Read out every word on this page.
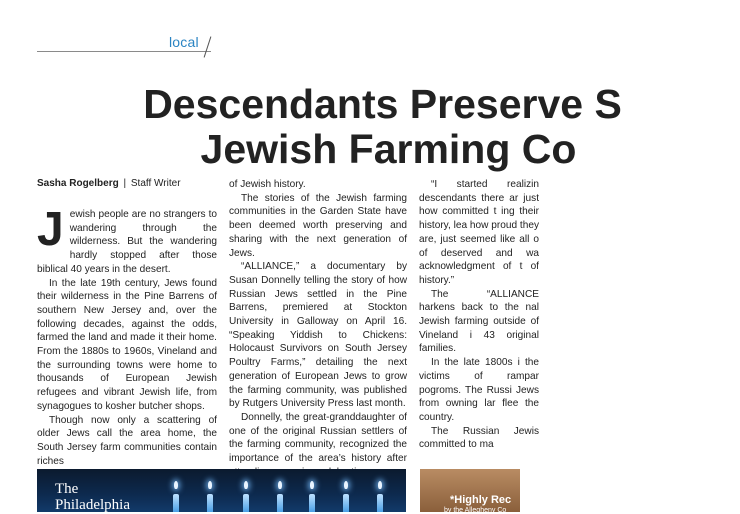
local
Descendants Preserve S
Jewish Farming Co
Sasha Rogelberg | Staff Writer

Jewish people are no strangers to wandering through the wilderness. But the wandering hardly stopped after those biblical 40 years in the desert.

In the late 19th century, Jews found their wilderness in the Pine Barrens of southern New Jersey and, over the following decades, against the odds, farmed the land and made it their home. From the 1880s to 1960s, Vineland and the surrounding towns were home to thousands of European Jewish refugees and vibrant Jewish life, from synagogues to kosher butcher shops.

Though now only a scattering of older Jews call the area home, the South Jersey farm communities contain riches

of Jewish history.

The stories of the Jewish farming communities in the Garden State have been deemed worth preserving and sharing with the next generation of Jews.

“ALLIANCE,” a documentary by Susan Donnelly telling the story of how Russian Jews settled in the Pine Barrens, premiered at Stockton University in Galloway on April 16. “Speaking Yiddish to Chickens: Holocaust Survivors on South Jersey Poultry Farms,” detailing the next generation of European Jews to grow the farming community, was published by Rutgers University Press last month.

Donnelly, the great-granddaughter of one of the original Russian settlers of the farming community, recognized the importance of the area’s history after

“I started realizin descendants there ar just how committed t ing their history, lea how proud they are, just seemed like all o of deserved and wa acknowledgment of t of history.”

The “ALLIANCE harkens back to the nal Jewish farming outside of Vineland i 43 original families.

In the late 1800s i the victims of rampar pogroms. The Russi Jews from owning lar flee the country.

The Russian Jewis committed to ma

The
Philadelphia	*Highly Rec
by the Allegheny Co
